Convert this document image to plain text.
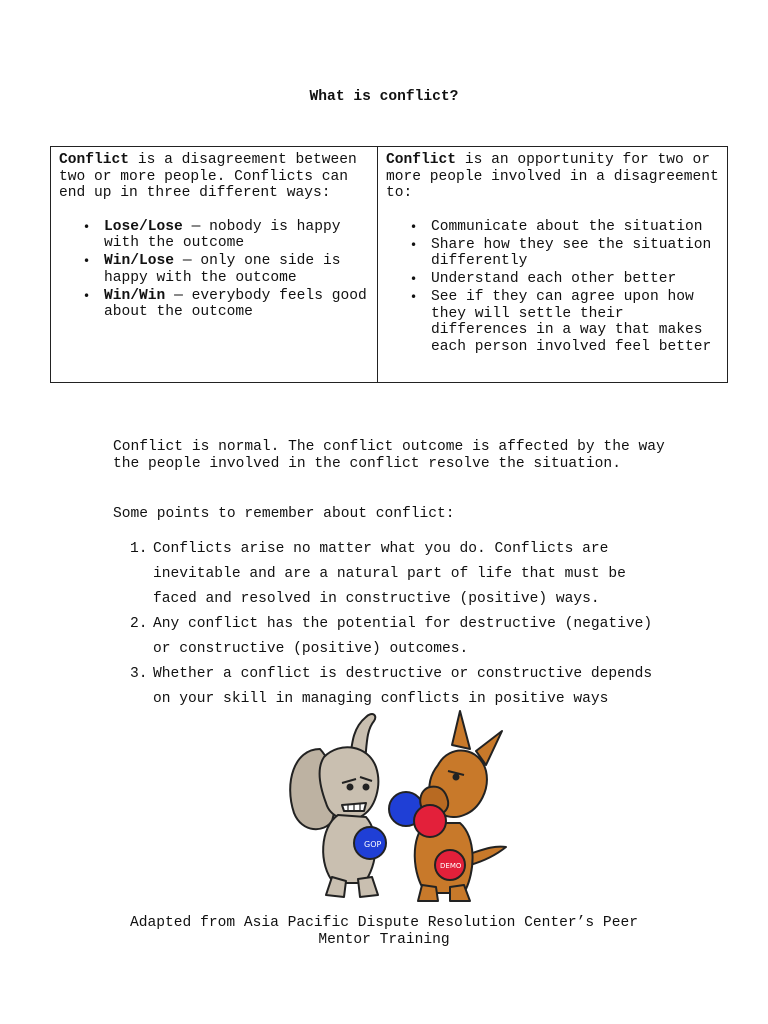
What is conflict?

Conflict is a disagreement between two or more people. Conflicts can end up in three different ways:

• Lose/Lose — nobody is happy with the outcome
• Win/Lose — only one side is happy with the outcome
• Win/Win — everybody feels good about the outcome

Conflict is an opportunity for two or more people involved in a disagreement to:

• Communicate about the situation
• Share how they see the situation differently
• Understand each other better
• See if they can agree upon how they will settle their differences in a way that makes each person involved feel better
Conflict is normal. The conflict outcome is affected by the way the people involved in the conflict resolve the situation.
Some points to remember about conflict:
1. Conflicts arise no matter what you do. Conflicts are inevitable and are a natural part of life that must be faced and resolved in constructive (positive) ways.
2. Any conflict has the potential for destructive (negative) or constructive (positive) outcomes.
3. Whether a conflict is destructive or constructive depends on your skill in managing conflicts in positive ways
GOP
DEMO
Adapted from Asia Pacific Dispute Resolution Center’s Peer
Mentor Training
